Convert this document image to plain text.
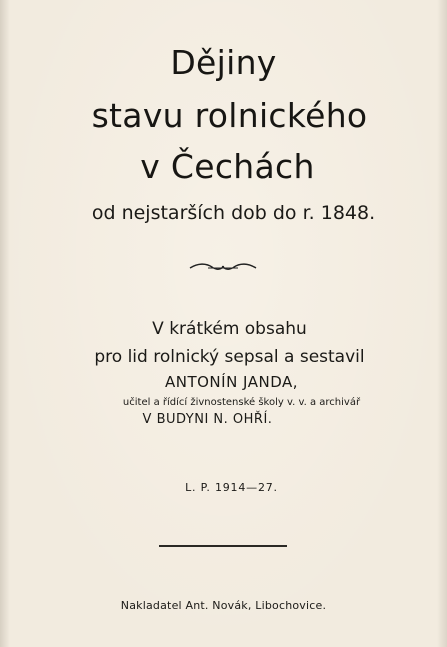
Dějiny
stavu rolnického
v Čechách
od nejstarších dob do r. 1848.
V krátkém obsahu
pro lid rolnický sepsal a sestavil
ANTONÍN JANDA,
učitel a řídící živnostenské školy v. v. a archivář
V BUDYNI N. OHŘÍ.
L. P. 1914—27.
Nakladatel Ant. Novák, Libochovice.
